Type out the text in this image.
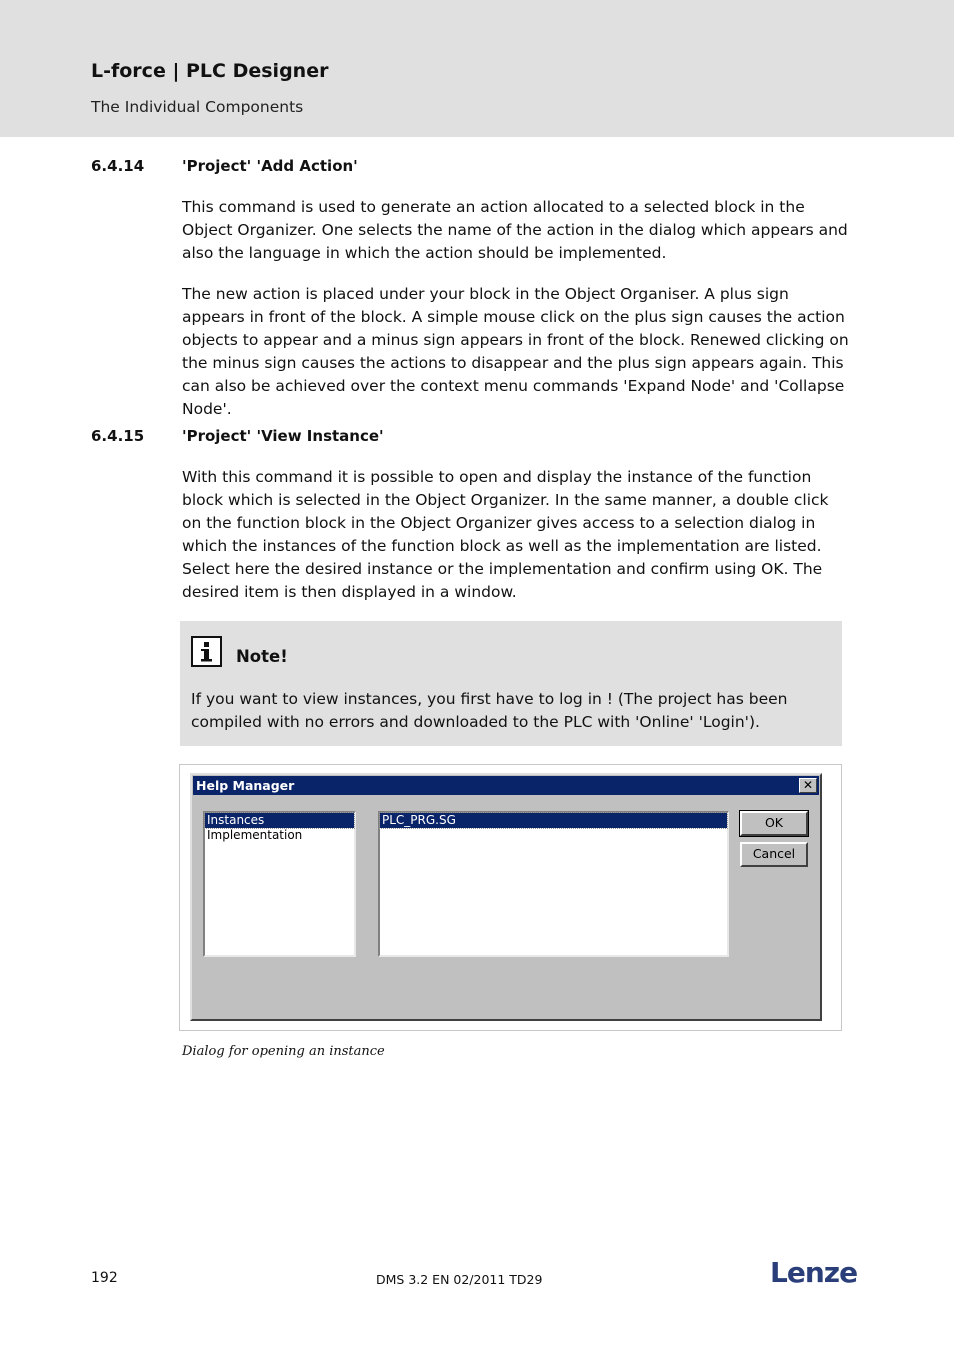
L-force | PLC Designer
The Individual Components
6.4.14	'Project' 'Add Action'
This command is used to generate an action allocated to a selected block in the Object Organizer. One selects the name of the action in the dialog which appears and also the language in which the action should be implemented.
The new action is placed under your block in the Object Organiser. A plus sign appears in front of the block. A simple mouse click on the plus sign causes the action objects to appear and a minus sign appears in front of the block. Renewed clicking on the minus sign causes the actions to disappear and the plus sign appears again. This can also be achieved over the context menu commands 'Expand Node' and 'Collapse Node'.
6.4.15	'Project' 'View Instance'
With this command it is possible to open and display the instance of the function block which is selected in the Object Organizer. In the same manner, a double click on the function block in the Object Organizer gives access to a selection dialog in which the instances of the function block as well as the implementation are listed. Select here the desired instance or the implementation and confirm using OK. The desired item is then displayed in a window.
Note!
If you want to view instances, you first have to log in ! (The project has been compiled with no errors and downloaded to the PLC with 'Online' 'Login').
Help Manager	✕
Instances
Implementation
PLC_PRG.SG	OK
Cancel
Dialog for opening an instance
192	DMS 3.2 EN 02/2011 TD29	Lenze
